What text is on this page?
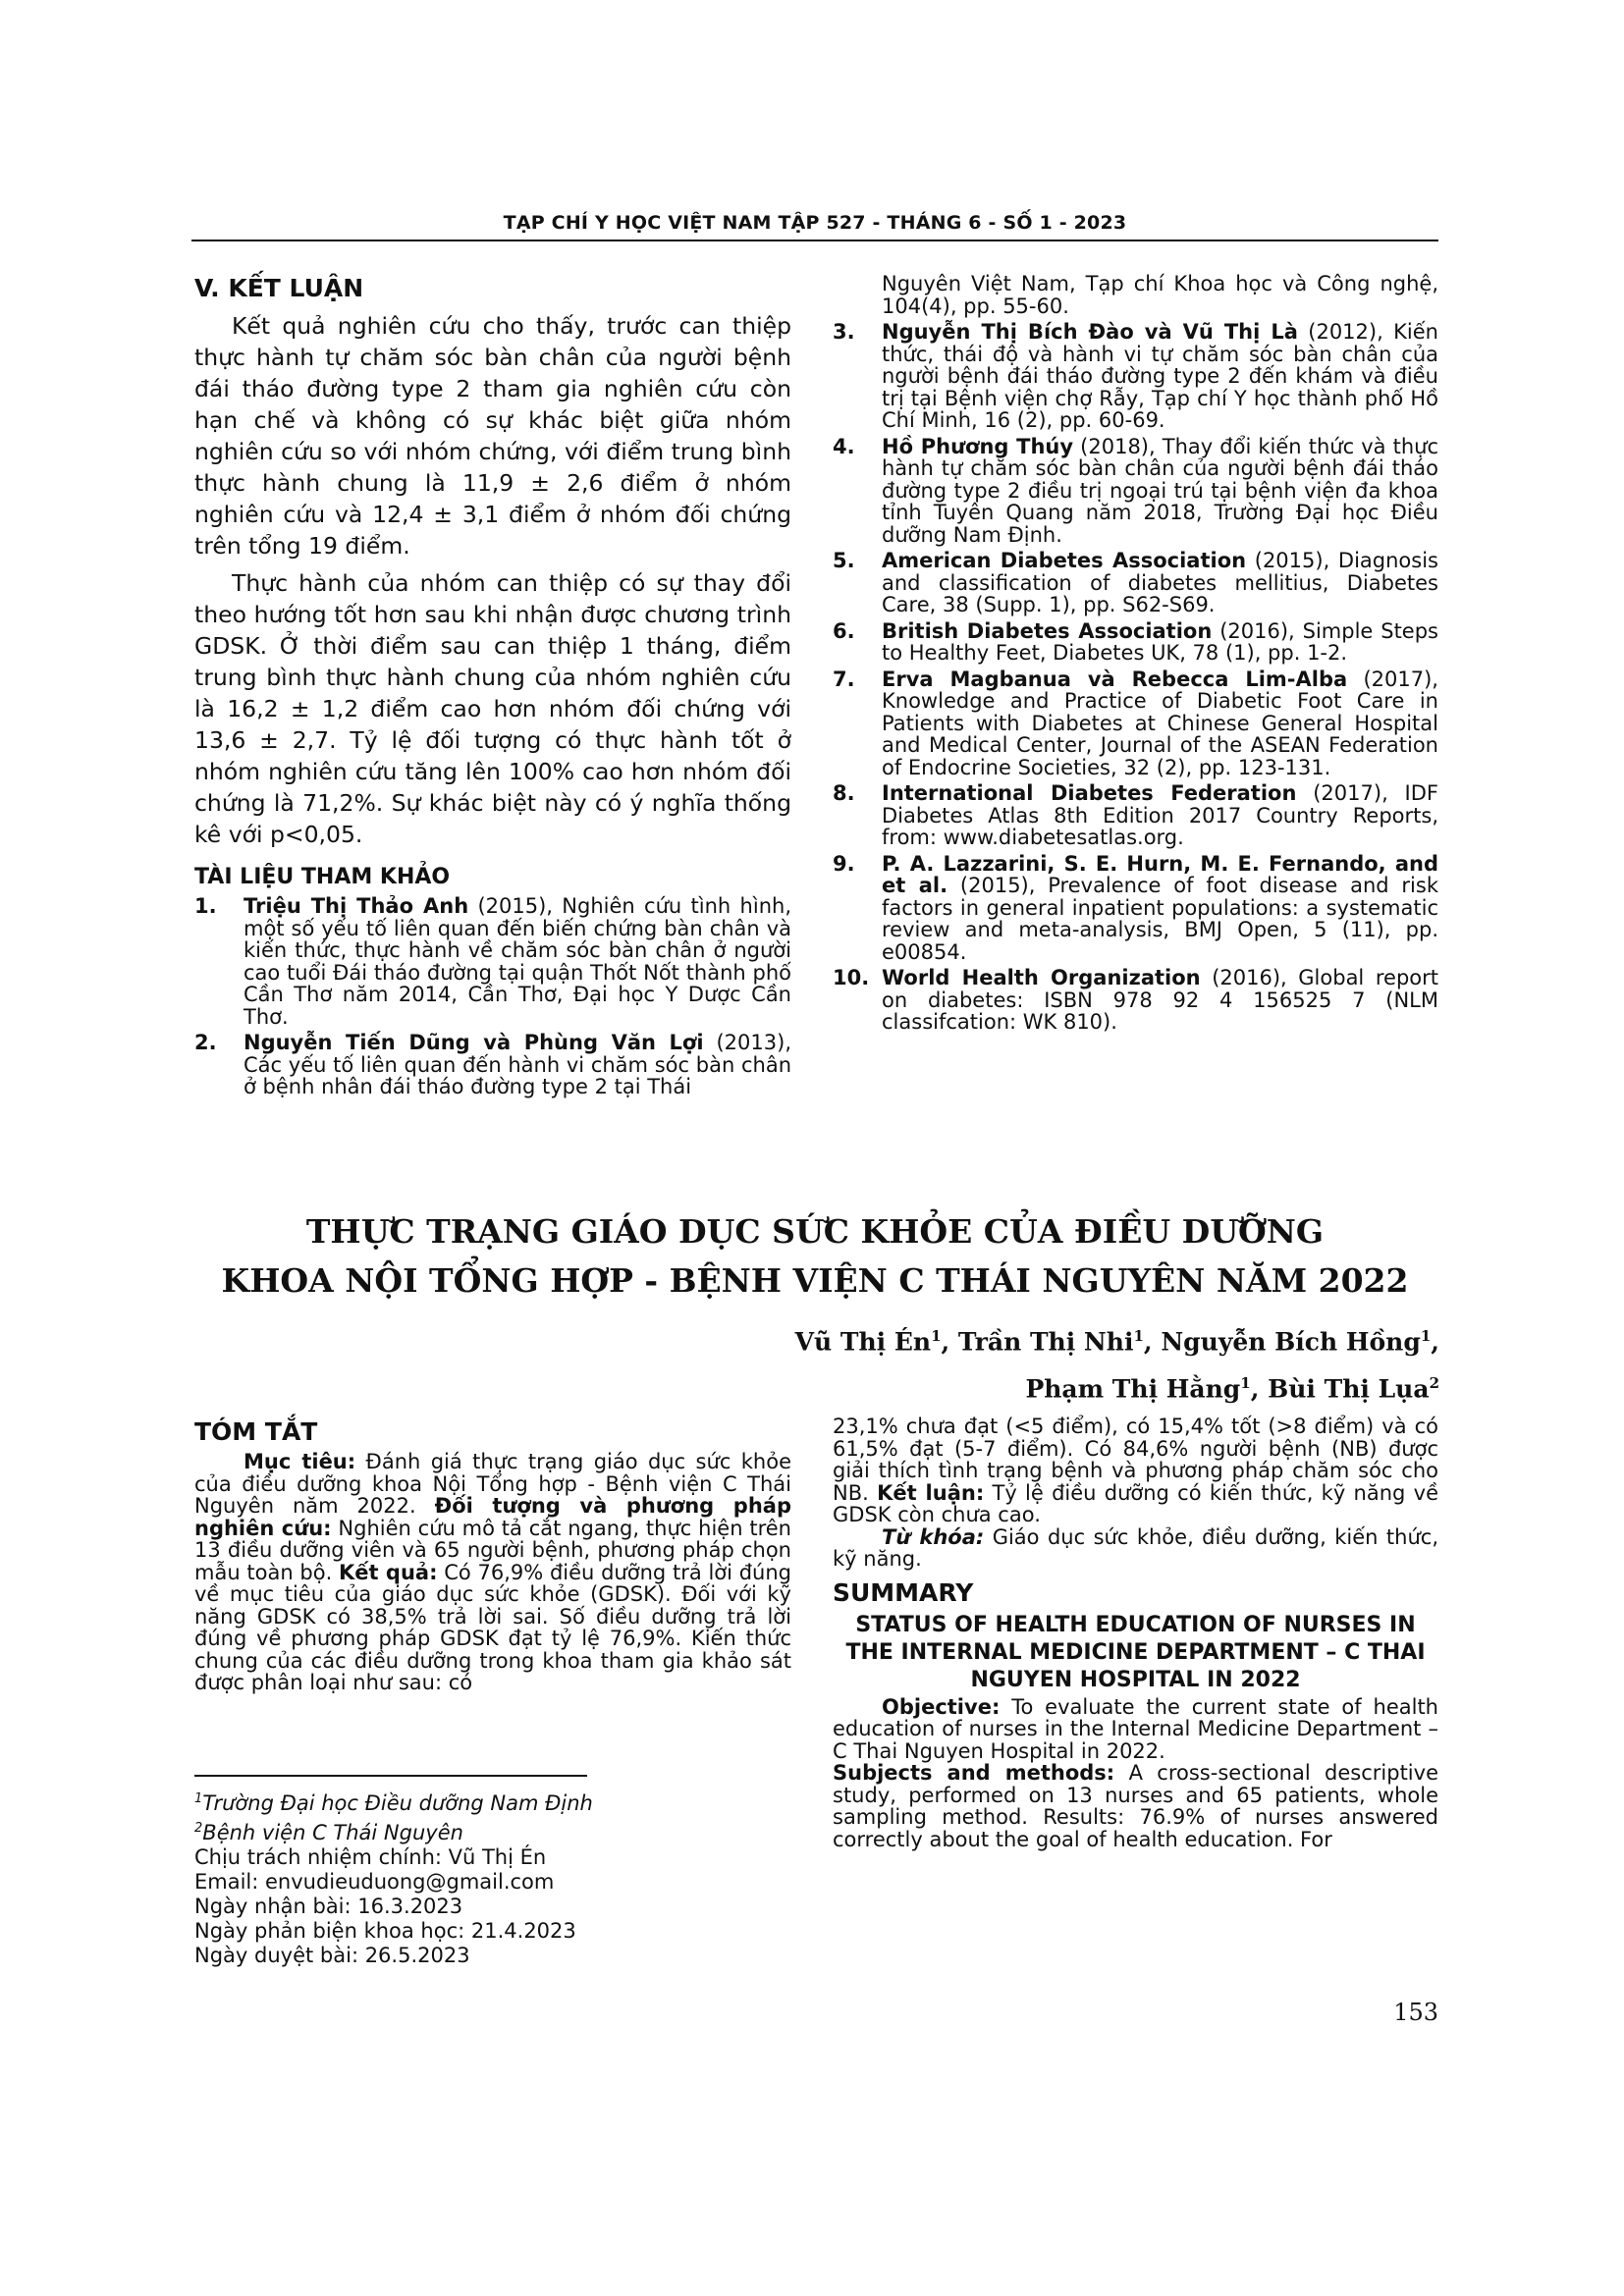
TẠP CHÍ Y HỌC VIỆT NAM TẬP 527 - THÁNG 6 - SỐ 1 - 2023
V. KẾT LUẬN

Kết quả nghiên cứu cho thấy, trước can thiệp thực hành tự chăm sóc bàn chân của người bệnh đái tháo đường type 2 tham gia nghiên cứu còn hạn chế và không có sự khác biệt giữa nhóm nghiên cứu so với nhóm chứng, với điểm trung bình thực hành chung là 11,9 ± 2,6 điểm ở nhóm nghiên cứu và 12,4 ± 3,1 điểm ở nhóm đối chứng trên tổng 19 điểm.

Thực hành của nhóm can thiệp có sự thay đổi theo hướng tốt hơn sau khi nhận được chương trình GDSK. Ở thời điểm sau can thiệp 1 tháng, điểm trung bình thực hành chung của nhóm nghiên cứu là 16,2 ± 1,2 điểm cao hơn nhóm đối chứng với 13,6 ± 2,7. Tỷ lệ đối tượng có thực hành tốt ở nhóm nghiên cứu tăng lên 100% cao hơn nhóm đối chứng là 71,2%. Sự khác biệt này có ý nghĩa thống kê với p<0,05.

TÀI LIỆU THAM KHẢO
1. Triệu Thị Thảo Anh (2015), Nghiên cứu tình hình, một số yếu tố liên quan đến biến chứng bàn chân và kiến thức, thực hành về chăm sóc bàn chân ở người cao tuổi Đái tháo đường tại quận Thốt Nốt thành phố Cần Thơ năm 2014, Cần Thơ, Đại học Y Dược Cần Thơ.
2. Nguyễn Tiến Dũng và Phùng Văn Lợi (2013), Các yếu tố liên quan đến hành vi chăm sóc bàn chân ở bệnh nhân đái tháo đường type 2 tại Thái

Nguyên Việt Nam, Tạp chí Khoa học và Công nghệ, 104(4), pp. 55-60.

3. Nguyễn Thị Bích Đào và Vũ Thị Là (2012), Kiến thức, thái độ và hành vi tự chăm sóc bàn chân của người bệnh đái tháo đường type 2 đến khám và điều trị tại Bệnh viện chợ Rẫy, Tạp chí Y học thành phố Hồ Chí Minh, 16 (2), pp. 60-69.
4. Hồ Phương Thúy (2018), Thay đổi kiến thức và thực hành tự chăm sóc bàn chân của người bệnh đái tháo đường type 2 điều trị ngoại trú tại bệnh viện đa khoa tỉnh Tuyên Quang năm 2018, Trường Đại học Điều dưỡng Nam Định.
5. American Diabetes Association (2015), Diagnosis and classification of diabetes mellitius, Diabetes Care, 38 (Supp. 1), pp. S62-S69.
6. British Diabetes Association (2016), Simple Steps to Healthy Feet, Diabetes UK, 78 (1), pp. 1-2.
7. Erva Magbanua và Rebecca Lim-Alba (2017), Knowledge and Practice of Diabetic Foot Care in Patients with Diabetes at Chinese General Hospital and Medical Center, Journal of the ASEAN Federation of Endocrine Societies, 32 (2), pp. 123-131.
8. International Diabetes Federation (2017), IDF Diabetes Atlas 8th Edition 2017 Country Reports, from: www.diabetesatlas.org.
9. P. A. Lazzarini, S. E. Hurn, M. E. Fernando, and et al. (2015), Prevalence of foot disease and risk factors in general inpatient populations: a systematic review and meta-analysis, BMJ Open, 5 (11), pp. e00854.
10. World Health Organization (2016), Global report on diabetes: ISBN 978 92 4 156525 7 (NLM classifcation: WK 810).
THỰC TRẠNG GIÁO DỤC SỨC KHỎE CỦA ĐIỀU DƯỠNG
KHOA NỘI TỔNG HỢP - BỆNH VIỆN C THÁI NGUYÊN NĂM 2022
Vũ Thị $Én^1$, Trần Thị Nhi$^1$, Nguyễn Bích Hồng$^1$,
Phạm Thị Hằng$^1$, Bùi Thị Lụa$^2$
TÓM TẮT

Mục tiêu: Đánh giá thực trạng giáo dục sức khỏe của điều dưỡng khoa Nội Tổng hợp - Bệnh viện C Thái Nguyên năm 2022. Đối tượng và phương pháp nghiên cứu: Nghiên cứu mô tả cắt ngang, thực hiện trên 13 điều dưỡng viên và 65 người bệnh, phương pháp chọn mẫu toàn bộ. Kết quả: Có 76,9% điều dưỡng trả lời đúng về mục tiêu của giáo dục sức khỏe (GDSK). Đối với kỹ năng GDSK có 38,5% trả lời sai. Số điều dưỡng trả lời đúng về phương pháp GDSK đạt tỷ lệ 76,9%. Kiến thức chung của các điều dưỡng trong khoa tham gia khảo sát được phân loại như sau: có

$^1$Trường Đại học Điều dưỡng Nam Định

$^2$Bệnh viện C Thái Nguyên

Chịu trách nhiệm chính: Vũ Thị Én

Email: envudieuduong@gmail.com

Ngày nhận bài: 16.3.2023

Ngày phản biện khoa học: 21.4.2023

Ngày duyệt bài: 26.5.2023

23,1% chưa đạt (<5 điểm), có 15,4% tốt (>8 điểm) và có 61,5% đạt (5-7 điểm). Có 84,6% người bệnh (NB) được giải thích tình trạng bệnh và phương pháp chăm sóc cho NB. Kết luận: Tỷ lệ điều dưỡng có kiến thức, kỹ năng về GDSK còn chưa cao.

Từ khóa: Giáo dục sức khỏe, điều dưỡng, kiến thức, kỹ năng.

SUMMARY
STATUS OF HEALTH EDUCATION OF NURSES IN THE INTERNAL MEDICINE DEPARTMENT – C THAI NGUYEN HOSPITAL IN 2022

Objective: To evaluate the current state of health education of nurses in the Internal Medicine Department – C Thai Nguyen Hospital in 2022.

Subjects and methods: A cross-sectional descriptive study, performed on 13 nurses and 65 patients, whole sampling method. Results: 76.9% of nurses answered correctly about the goal of health education. For

153
